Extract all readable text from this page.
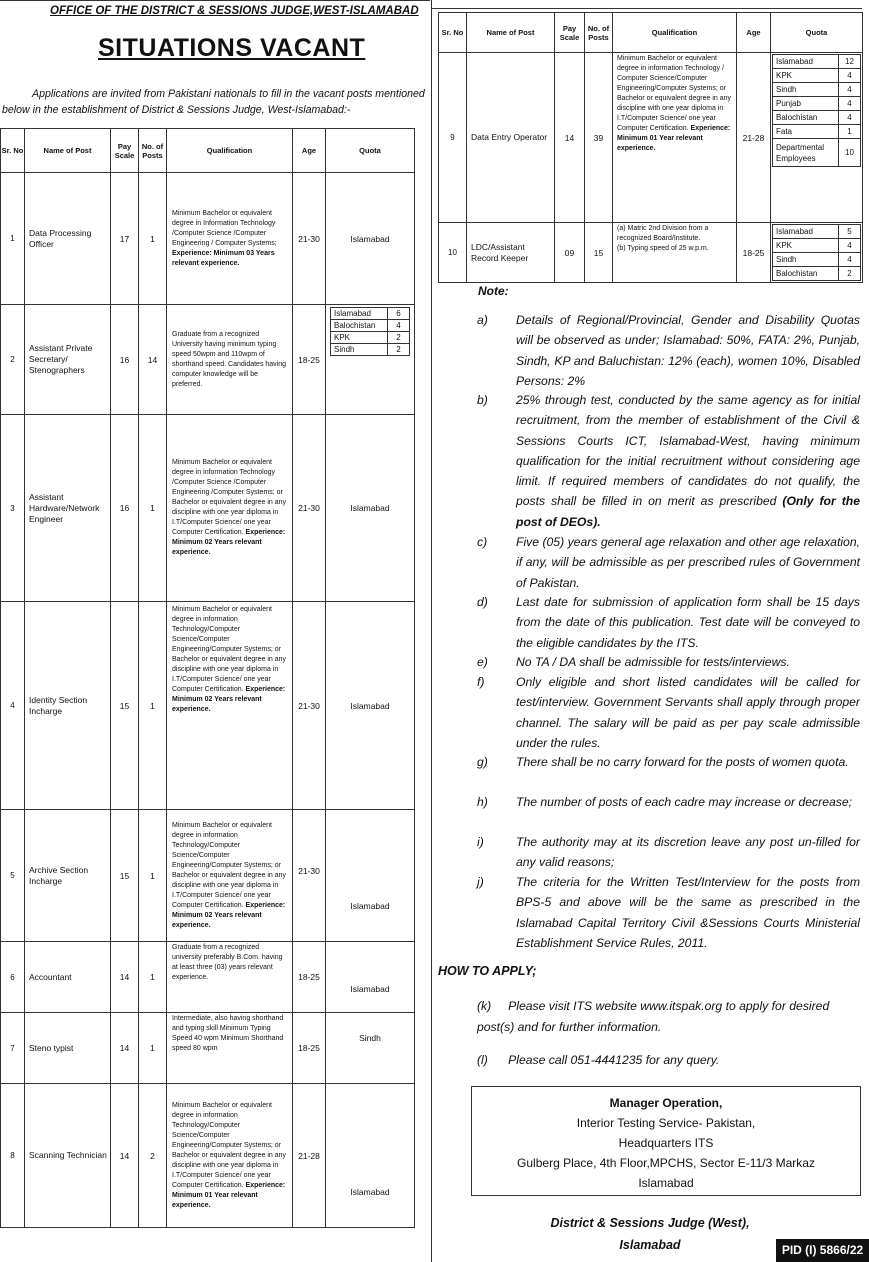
OFFICE OF THE DISTRICT & SESSIONS JUDGE,WEST-ISLAMABAD
SITUATIONS VACANT
Applications are invited from Pakistani nationals to fill in the vacant posts mentioned below in the establishment of District & Sessions Judge, West-Islamabad:-
Sr. No	Name of Post	Pay Scale	No. of Posts	Qualification	Age	Quota
1	Data Processing Officer	17	1	Minimum Bachelor or equivalent degree in Information Technology /Computer Science /Computer Engineering / Computer Systems; Experience: Minimum 03 Years relevant experience.	21-30	Islamabad
2	Assistant Private Secretary/ Stenographers	16	14	Graduate from a recognized University having minimum typing speed 50wpm and 110wpm of shorthand speed. Candidates having computer knowledge will be preferred.	18-25	
Islamabad	6
Balochistan	4
KPK	2
Sindh	2

3	Assistant Hardware/Network Engineer	16	1	Minimum Bachelor or equivalent degree in information Technology /Computer Science /Computer Engineering /Computer Systems; or Bachelor or equivalent degree in any discipline with one year diploma in I.T/Computer Science/ one year Computer Certification. Experience: Minimum 02 Years relevant experience.	21-30	Islamabad
4	Identity Section Incharge	15	1	Minimum Bachelor or equivalent degree in information Technology/Computer Science/Computer Engineering/Computer Systems; or Bachelor or equivalent degree in any discipline with one year diploma in I.T/Computer Science/ one year Computer Certification. Experience: Minimum 02 Years relevant experience.	21-30	Islamabad
5	Archive Section Incharge	15	1	Minimum Bachelor or equivalent degree in information Technology/Computer Science/Computer Engineering/Computer Systems; or Bachelor or equivalent degree in any discipline with one year diploma in I.T/Computer Science/ one year Computer Certification. Experience: Minimum 02 Years relevant experience.	21-30	Islamabad
6	Accountant	14	1	Graduate from a recognized university preferably B.Com. having at least three (03) years relevant experience.	18-25	Islamabad
7	Steno typist	14	1	Intermediate, also having shorthand and typing skill Minimum Typing Speed 40 wpm Minimum Shorthand speed 80 wpm	18-25	Sindh
8	Scanning Technician	14	2	Minimum Bachelor or equivalent degree in information Technology/Computer Science/Computer Engineering/Computer Systems; or Bachelor or equivalent degree in any discipline with one year diploma in I.T/Computer Science/ one year Computer Certification. Experience: Minimum 01 Year relevant experience.	21-28	Islamabad
Sr. No	Name of Post	Pay Scale	No. of Posts	Qualification	Age	Quota
9	Data Entry Operator	14	39	Minimum Bachelor or equivalent degree in information Technology / Computer Science/Computer Engineering/Computer Systems; or Bachelor or equivalent degree in any discipline with one year diploma in I.T/Computer Science/ one year Computer Certification. Experience: Minimum 01 Year relevant experience.	21-28	
Islamabad	12
KPK	4
Sindh	4
Punjab	4
Balochistan	4
Fata	1
Departmental Employees	10

10	LDC/Assistant Record Keeper	09	15	
(a) Matric 2nd Division from a recognized Board/Institute.
(b) Typing speed of 25 w.p.m.	18-25	
Islamabad	5
KPK	4
Sindh	4
Balochistan	2
Note:
a) Details of Regional/Provincial, Gender and Disability Quotas will be observed as under; Islamabad: 50%, FATA: 2%, Punjab, Sindh, KP and Baluchistan: 12% (each), women 10%, Disabled Persons: 2%
b) 25% through test, conducted by the same agency as for initial recruitment, from the member of establishment of the Civil & Sessions Courts ICT, Islamabad-West, having minimum qualification for the initial recruitment without considering age limit. If required members of candidates do not qualify, the posts shall be filled in on merit as prescribed (Only for the post of DEOs).
c) Five (05) years general age relaxation and other age relaxation, if any, will be admissible as per prescribed rules of Government of Pakistan.
d) Last date for submission of application form shall be 15 days from the date of this publication. Test date will be conveyed to the eligible candidates by the ITS.
e) No TA / DA shall be admissible for tests/interviews.
f)	Only eligible and short listed candidates will be called for test/interview. Government Servants shall apply through proper channel. The salary will be paid as per pay scale admissible under the rules.
g) There shall be no carry forward for the posts of women quota.
h) The number of posts of each cadre may increase or decrease;
i)	The authority may at its discretion leave any post un-filled for any valid reasons;
j)	The criteria for the Written Test/Interview for the posts from BPS-5 and above will be the same as prescribed in the Islamabad Capital Territory Civil &Sessions Courts Ministerial Establishment Service Rules, 2011.
HOW TO APPLY;
(k) Please visit ITS website www.itspak.org to apply for desired post(s) and for further information.
(l) Please call 051-4441235 for any query.
Manager Operation,
Interior Testing Service- Pakistan,
Headquarters ITS
Gulberg Place, 4th Floor,MPCHS, Sector E-11/3 Markaz
Islamabad
District & Sessions Judge (West),
Islamabad	PID (I) 5866/22
